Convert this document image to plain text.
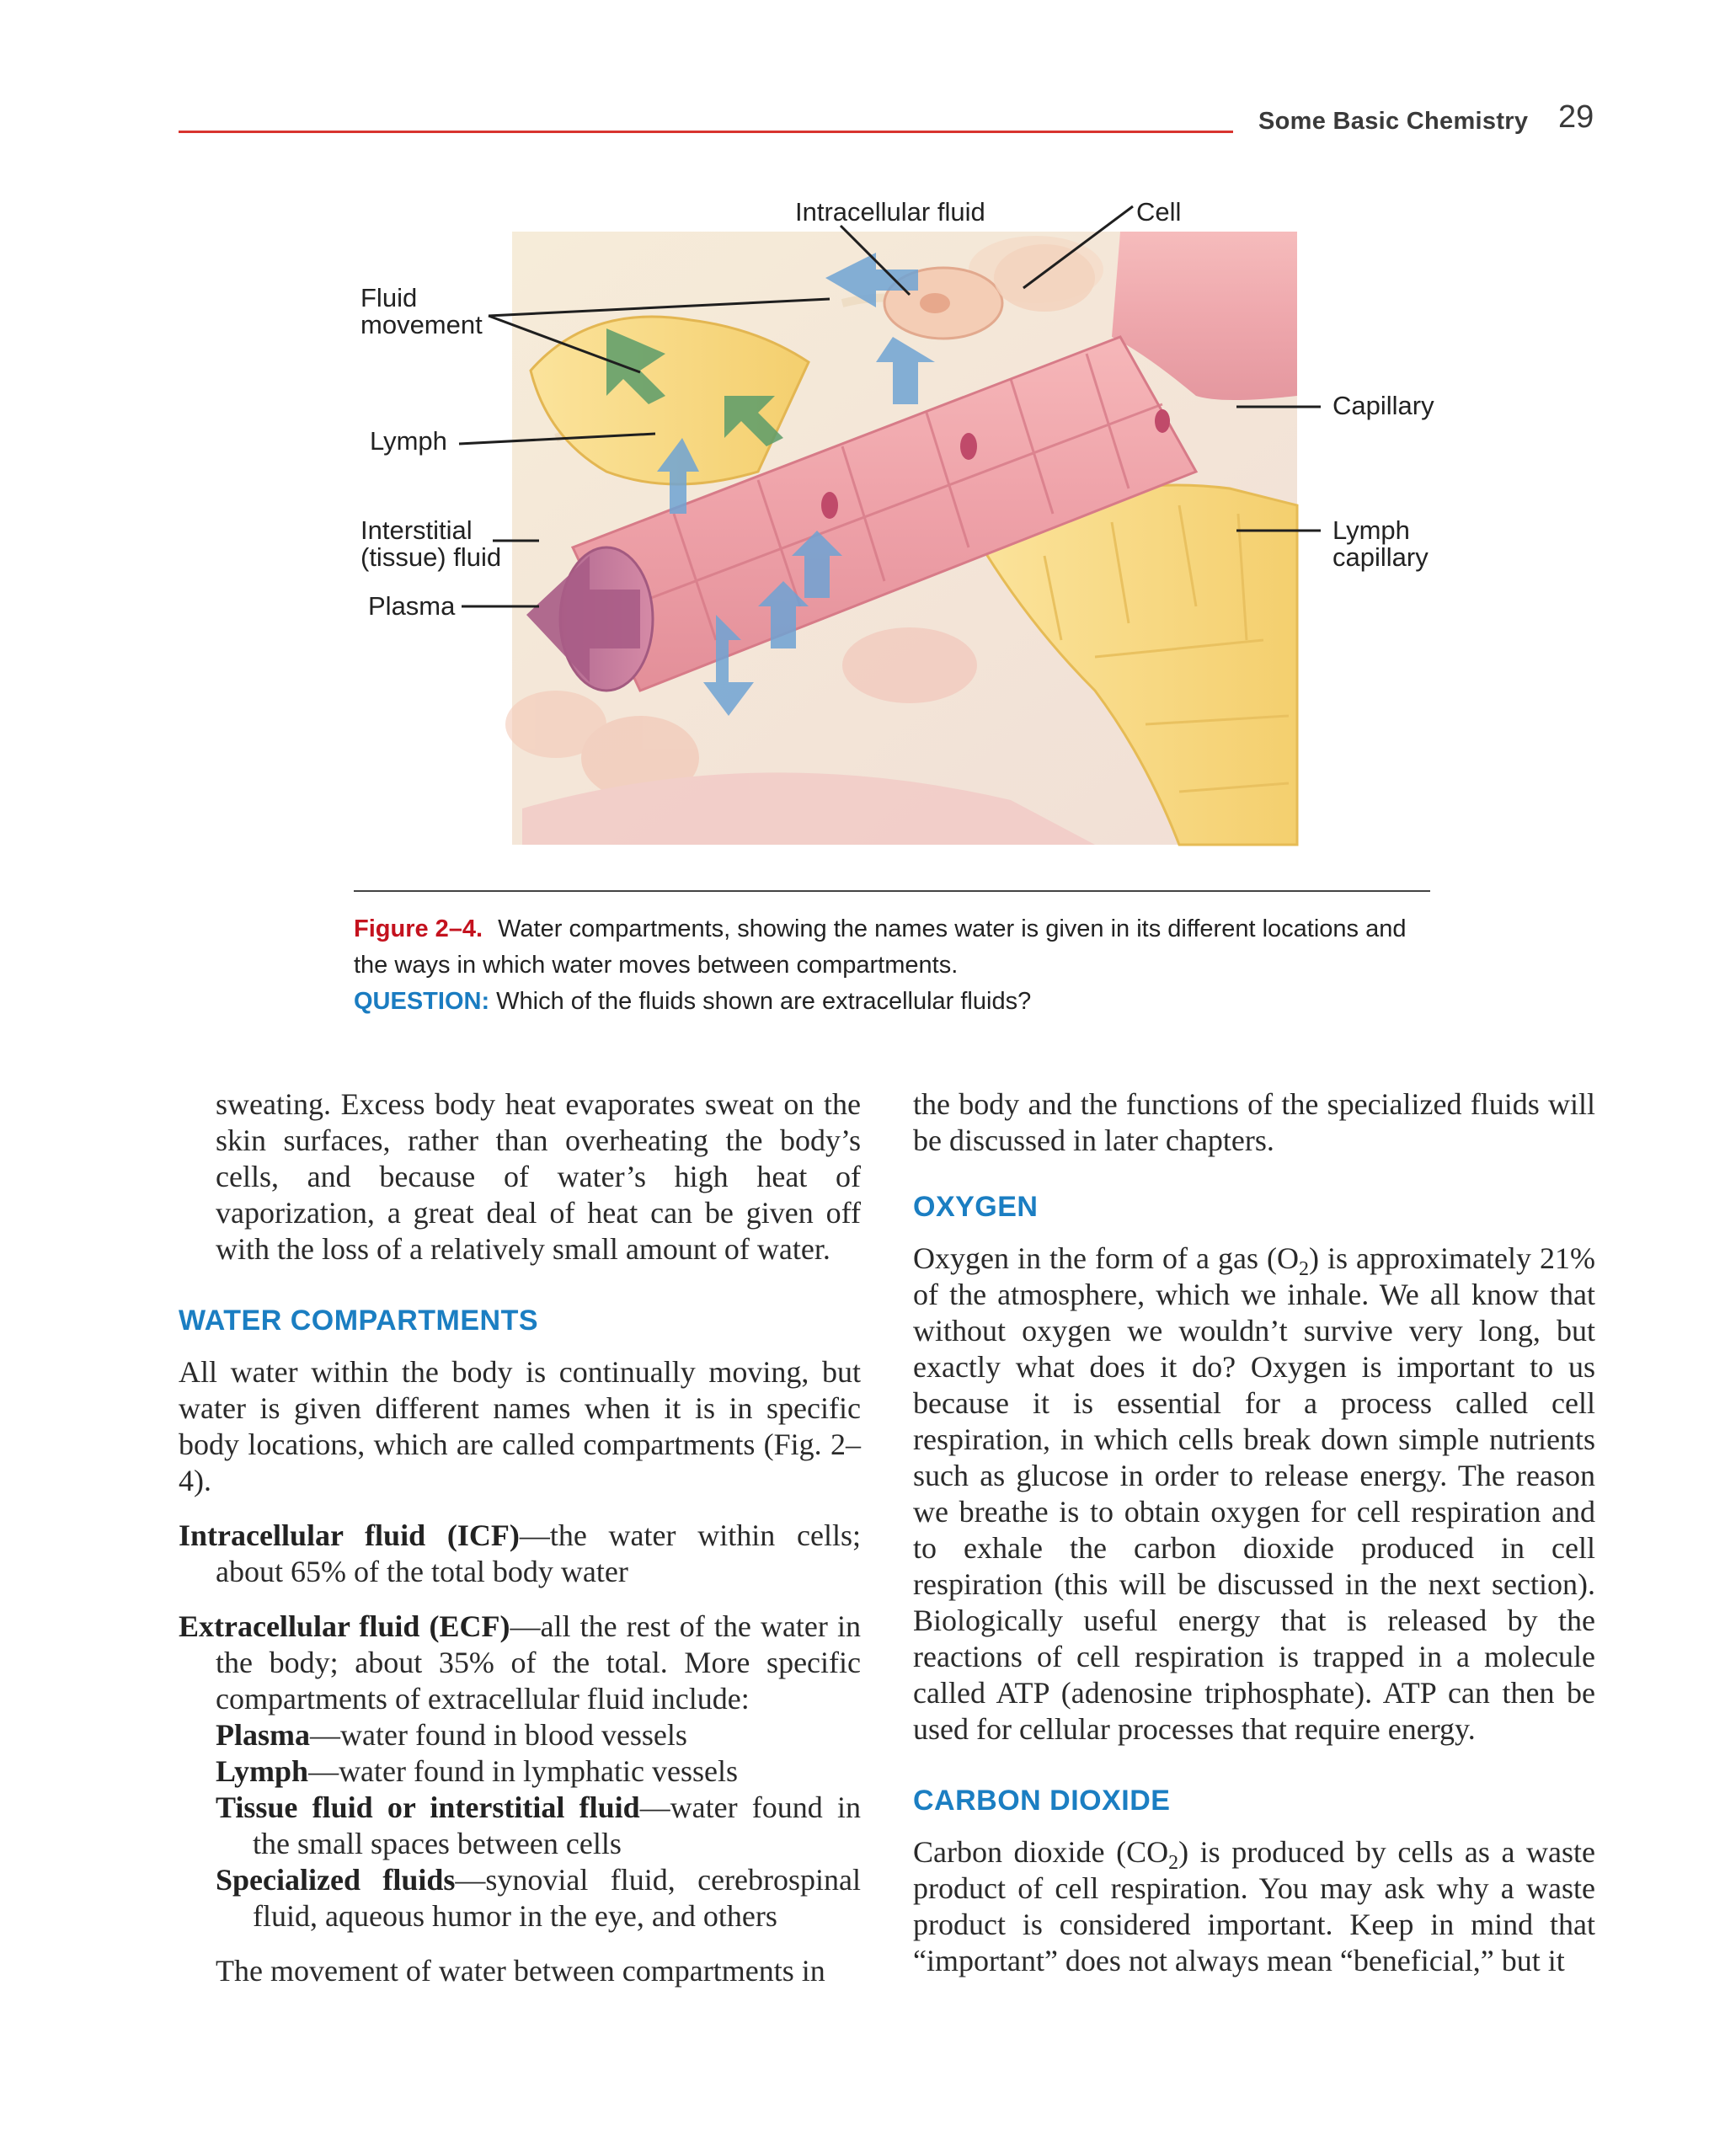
Some Basic Chemistry 29
Intracellular fluid	Cell
Fluid
movement
Lymph
Interstitial
(tissue) fluid
Plasma
Capillary
Lymph
capillary
Figure 2–4. Water compartments, showing the names water is given in its different locations and the ways in which water moves between compartments.
QUESTION: Which of the fluids shown are extracellular fluids?

sweating. Excess body heat evaporates sweat on the skin surfaces, rather than overheating the body’s cells, and because of water’s high heat of vaporization, a great deal of heat can be given off with the loss of a relatively small amount of water.

WATER COMPARTMENTS

All water within the body is continually moving, but water is given different names when it is in specific body locations, which are called compartments (Fig. 2–4).

Intracellular fluid (ICF)—the water within cells; about 65% of the total body water

Extracellular fluid (ECF)—all the rest of the water in the body; about 35% of the total. More specific compartments of extracellular fluid include:

Plasma—water found in blood vessels

Lymph—water found in lymphatic vessels

Tissue fluid or interstitial fluid—water found in the small spaces between cells

Specialized fluids—synovial fluid, cerebrospinal fluid, aqueous humor in the eye, and others

The movement of water between compartments in

the body and the functions of the specialized fluids will be discussed in later chapters.

OXYGEN

Oxygen in the form of a gas $(O_2)$ is approximately 21% of the atmosphere, which we inhale. We all know that without oxygen we wouldn’t survive very long, but exactly what does it do? Oxygen is important to us because it is essential for a process called cell respiration, in which cells break down simple nutrients such as glucose in order to release energy. The reason we breathe is to obtain oxygen for cell respiration and to exhale the carbon dioxide produced in cell respiration (this will be discussed in the next section). Biologically useful energy that is released by the reactions of cell respiration is trapped in a molecule called ATP (adenosine triphosphate). ATP can then be used for cellular processes that require energy.

CARBON DIOXIDE

Carbon dioxide $(CO_2)$ is produced by cells as a waste product of cell respiration. You may ask why a waste product is considered important. Keep in mind that “important” does not always mean “beneficial,” but it
